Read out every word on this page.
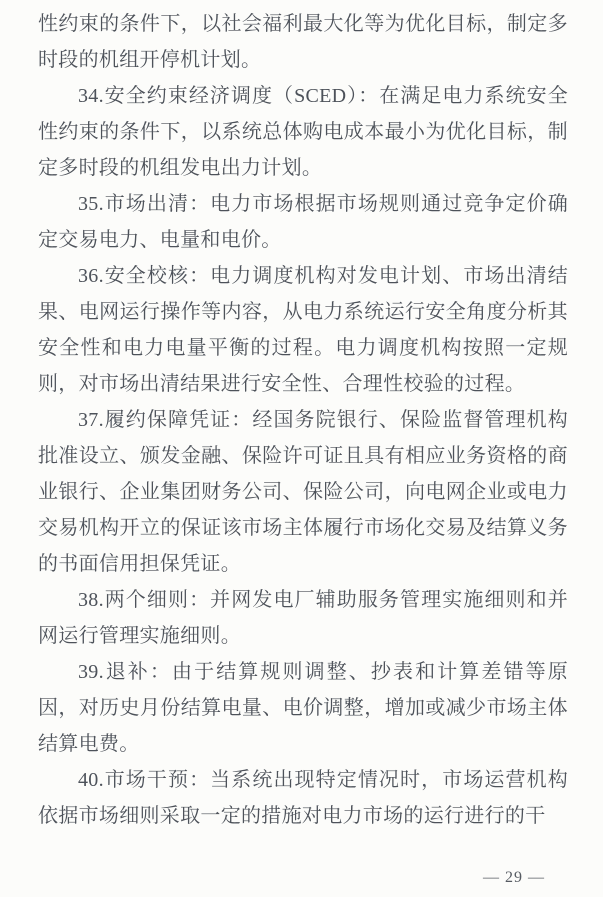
性约束的条件下，以社会福利最大化等为优化目标，制定多时段的机组开停机计划。

34.安全约束经济调度（SCED）：在满足电力系统安全性约束的条件下，以系统总体购电成本最小为优化目标，制定多时段的机组发电出力计划。

35.市场出清：电力市场根据市场规则通过竞争定价确定交易电力、电量和电价。

36.安全校核：电力调度机构对发电计划、市场出清结果、电网运行操作等内容，从电力系统运行安全角度分析其安全性和电力电量平衡的过程。电力调度机构按照一定规则，对市场出清结果进行安全性、合理性校验的过程。

37.履约保障凭证：经国务院银行、保险监督管理机构批准设立、颁发金融、保险许可证且具有相应业务资格的商业银行、企业集团财务公司、保险公司，向电网企业或电力交易机构开立的保证该市场主体履行市场化交易及结算义务的书面信用担保凭证。

38.两个细则：并网发电厂辅助服务管理实施细则和并网运行管理实施细则。

39.退补：由于结算规则调整、抄表和计算差错等原因，对历史月份结算电量、电价调整，增加或减少市场主体结算电费。

40.市场干预：当系统出现特定情况时，市场运营机构依据市场细则采取一定的措施对电力市场的运行进行的干

— 29 —
